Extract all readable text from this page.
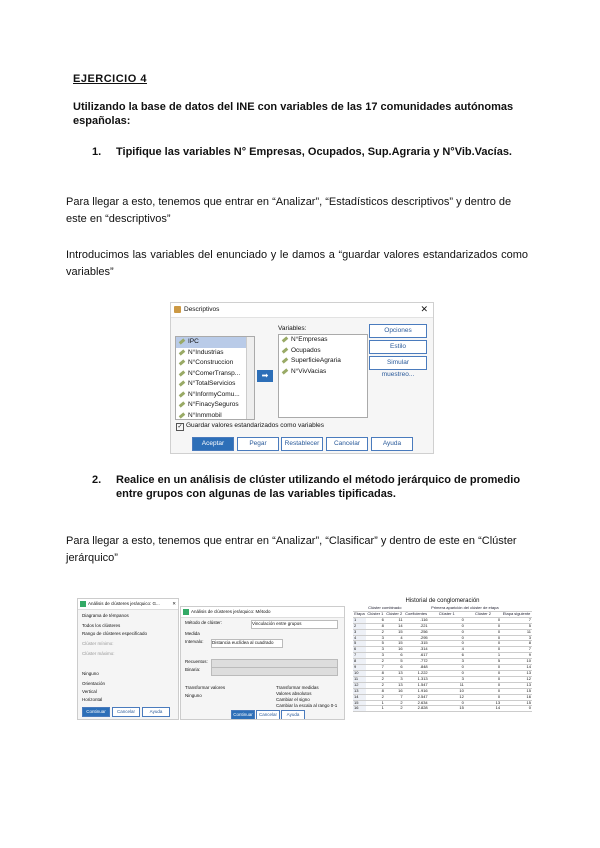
EJERCICIO 4
Utilizando la base de datos del INE con variables de las 17 comunidades autónomas españolas:
1. Tipifique las variables N° Empresas, Ocupados, Sup.Agraria y N°Vib.Vacías.
Para llegar a esto, tenemos que entrar en “Analizar”, “Estadísticos descriptivos” y dentro de este en “descriptivos”
Introducimos las variables del enunciado y le damos a “guardar valores estandarizados como variables”
Descriptivos	✕
IPC
N°Industrias
N°Construccion
N°ComerTransp...
N°TotalServicios
N°InformyComu...
N°FinacySeguros
N°Inmmobil
➡
Variables:
N°Empresas
Ocupados
SuperficieAgraria
N°VivVacias
Opciones
Estilo
Simular muestreo...
✓ Guardar valores estandarizados como variables
Aceptar	Pegar	Restablecer	Cancelar	Ayuda
2.	Realice en un análisis de clúster utilizando el método jerárquico de promedio entre grupos con algunas de las variables tipificadas.
Para llegar a esto, tenemos que entrar en “Analizar”, “Clasificar” y dentro de este en “Clúster jerárquico”
Análisis de clústeres jerárquico: G...	✕
Diagrama de témpanos
Todos los clústeres
Rango de clústeres especificado
Clúster mínimo:
Clúster máximo:
Ninguno
Orientación
Vertical
Horizontal
Continuar	Cancelar	Ayuda
Análisis de clústeres jerárquico: Método
Método de clúster:	Vinculación entre grupos
Medida
Intervalo: Distancia euclídea al cuadrado
Recuentos:
Binaria:
Transformar valores
Ninguno
Transformar medidas
Valores absolutos
Cambiar el signo
Cambiar la escala al rango 0-1
Continuar	Cancelar	Ayuda
Historial de conglomeración
	Clúster combinado			Primera aparición del clúster de etapa		
Etapa	Clúster 1	Clúster 2	Coeficientes	Clúster 1	Clúster 2	Etapa siguiente
1	6	11	.116	0	0	7
2	8	14	.221	0	0	5
3	2	15	.256	0	0	11
4	3	4	.295	0	0	3
5	5	15	.315	0	0	8
6	3	16	.314	4	0	7
7	3	6	.617	6	1	9
8	2	5	.772	3	5	10
9	7	6	.848	0	0	14
10	8	13	1.222	0	0	13
11	2	3	1.313	3	0	12
12	2	13	1.547	11	0	13
13	8	16	1.916	10	0	15
14	2	7	2.547	12	0	16
15	1	2	2.634	0	13	15
16	1	2	2.828	15	14	0
